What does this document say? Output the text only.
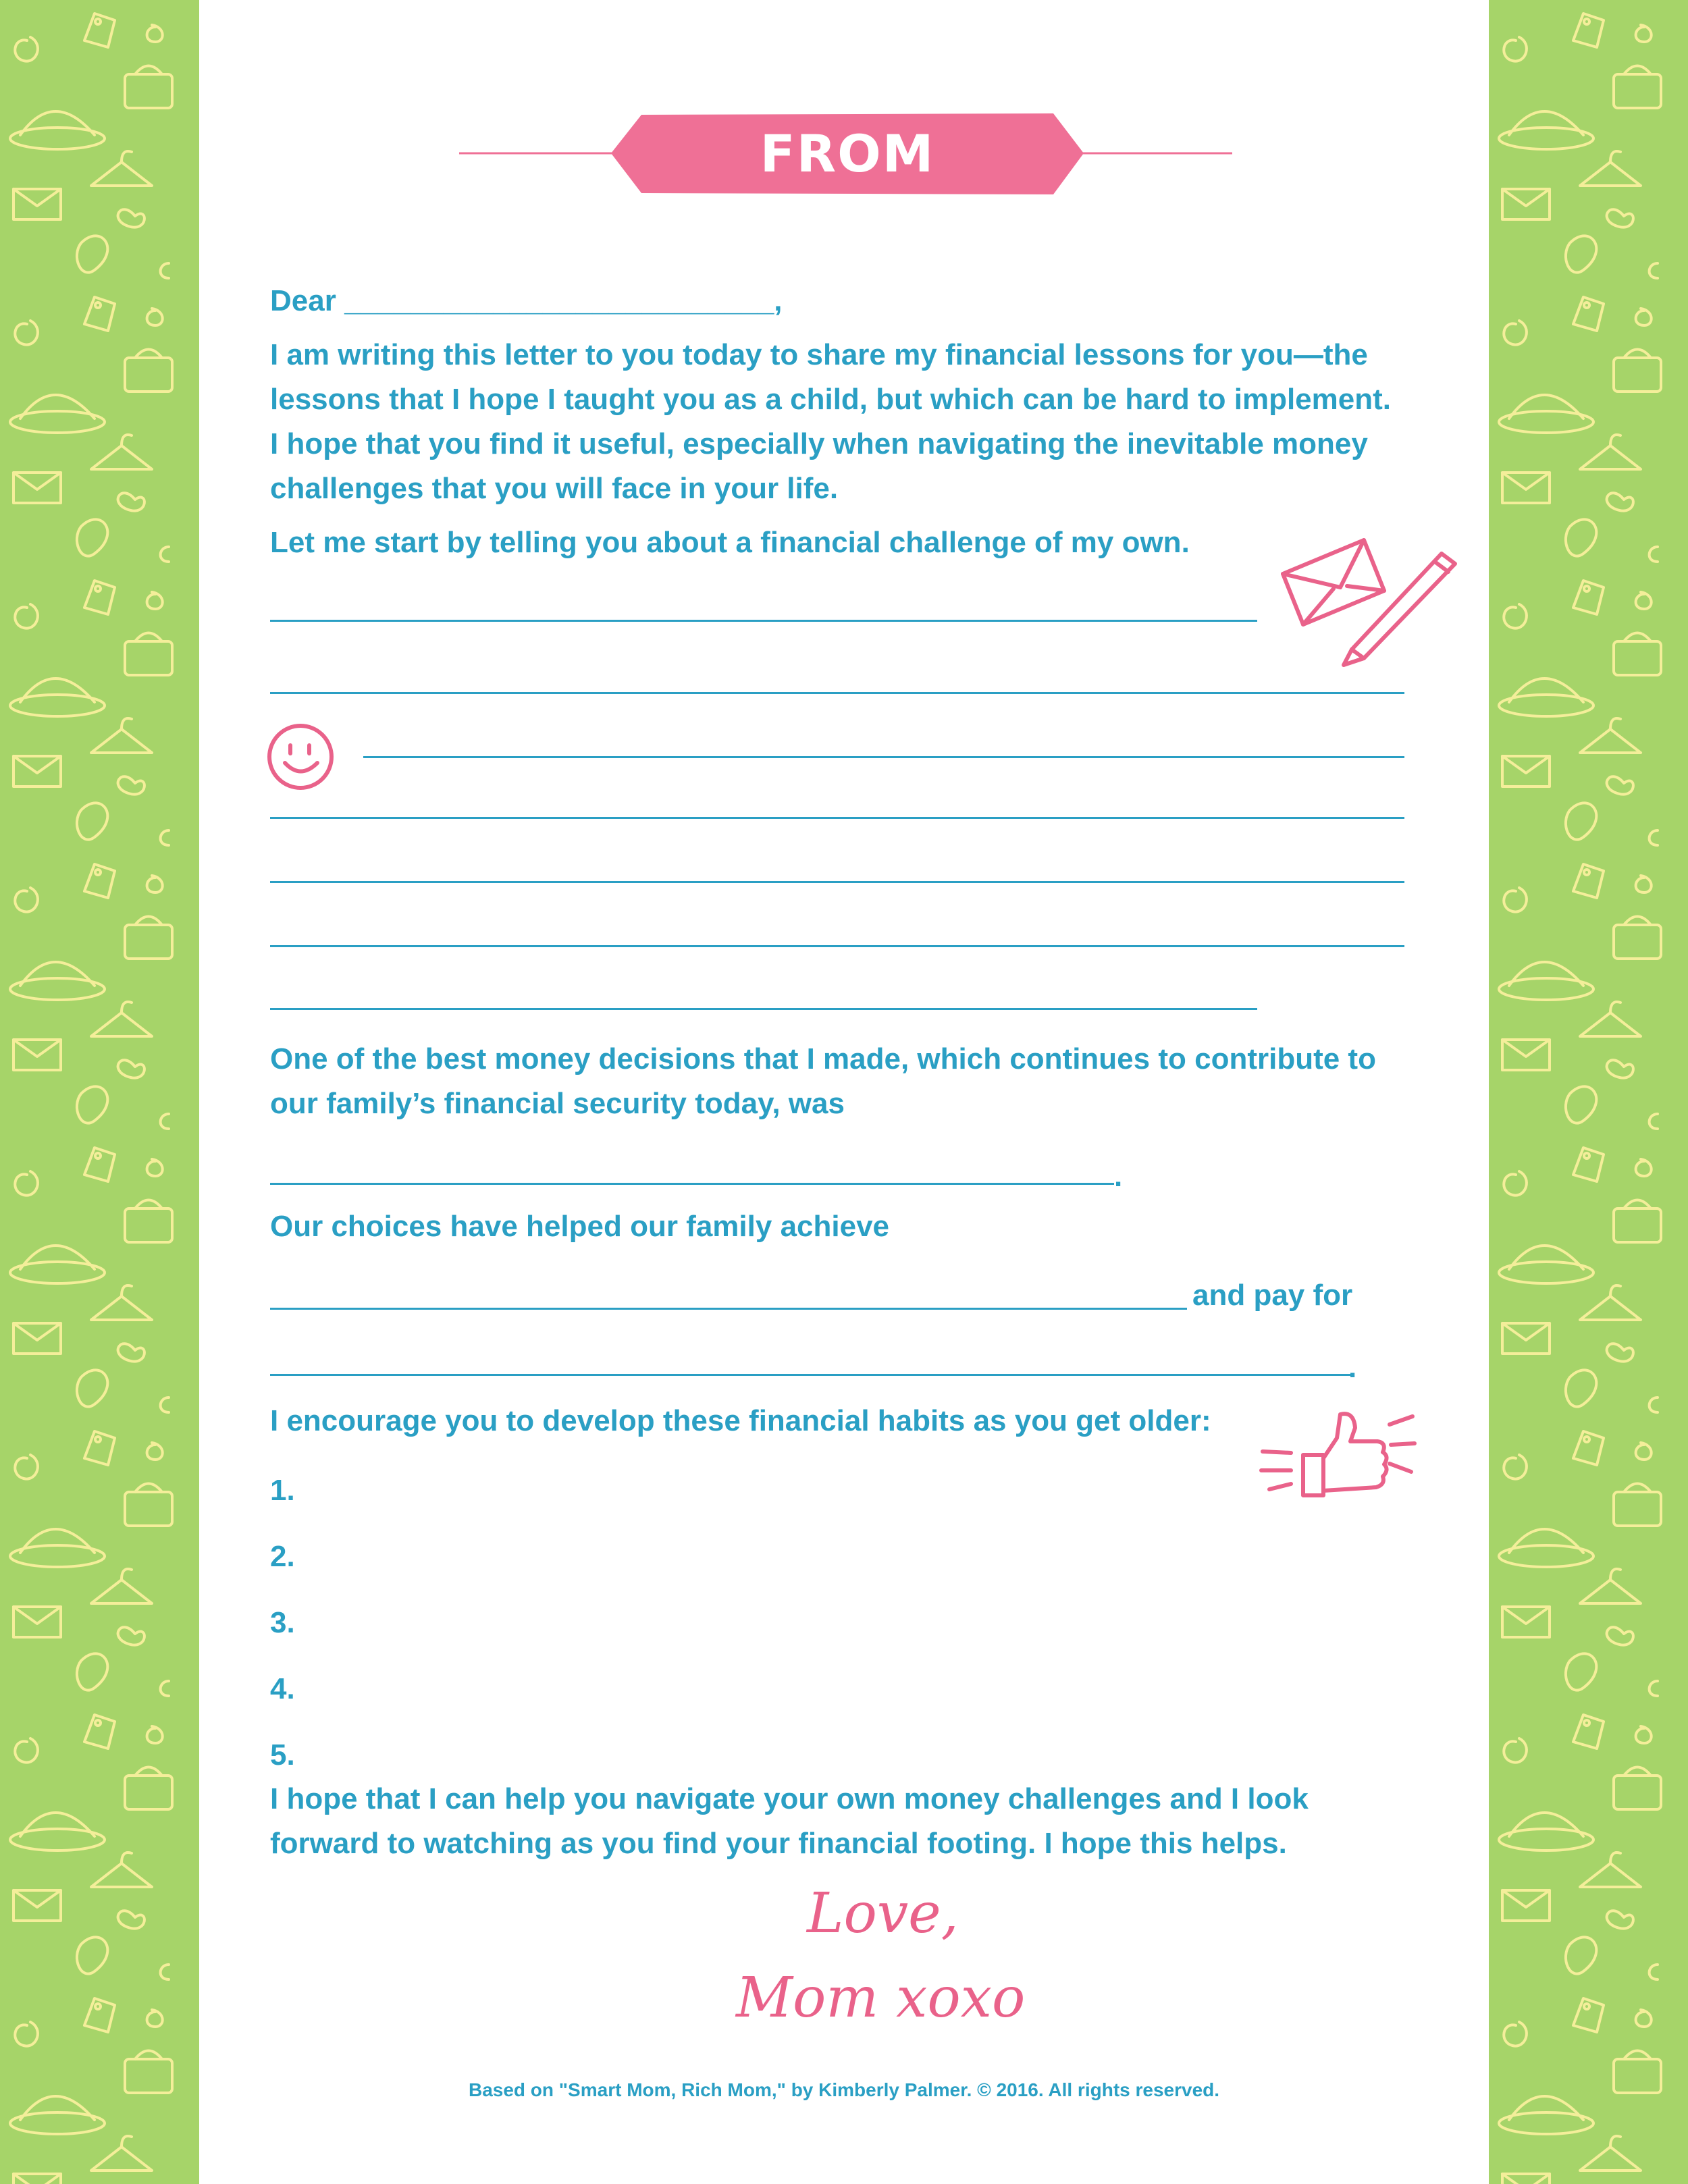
FROM MOM
Dear __________________________,
I am writing this letter to you today to share my financial lessons for you—the
lessons that I hope I taught you as a child, but which can be hard to implement.
I hope that you find it useful, especially when navigating the inevitable money
challenges that you will face in your life.
Let me start by telling you about a financial challenge of my own.
One of the best money decisions that I made, which continues to contribute to
our family’s financial security today, was
.
Our choices have helped our family achieve
and pay for
.
I encourage you to develop these financial habits as you get older:
1.
2.
3.
4.
5.
I hope that I can help you navigate your own money challenges and I look
forward to watching as you find your financial footing. I hope this helps.
Love,
Mom xoxo
Based on "Smart Mom, Rich Mom," by Kimberly Palmer. © 2016. All rights reserved.
